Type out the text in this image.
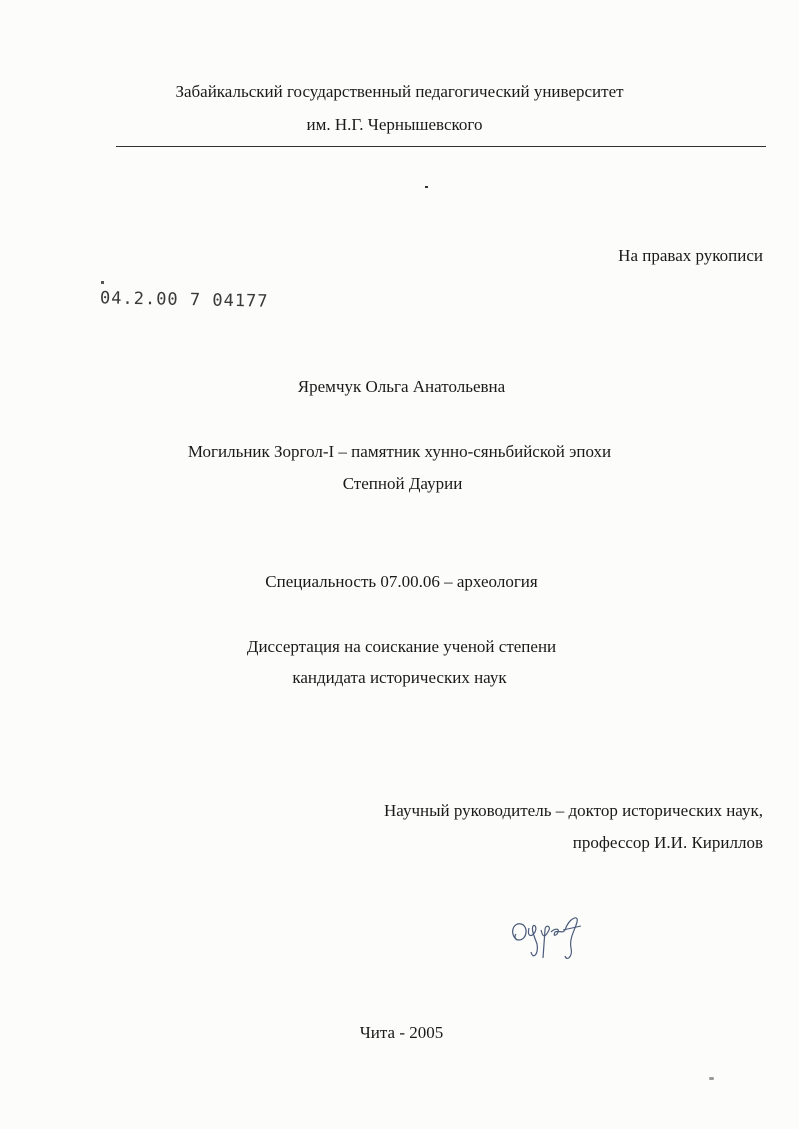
Забайкальский государственный педагогический университет
им. Н.Г. Чернышевского
На правах рукописи
04.2.00 7 04177
Яремчук Ольга Анатольевна
Могильник Зоргол-I – памятник хунно-сяньбийской эпохи
Степной Даурии
Специальность 07.00.06 – археология
Диссертация на соискание ученой степени
кандидата исторических наук
Научный руководитель – доктор исторических наук,
профессор И.И. Кириллов
Чита - 2005
